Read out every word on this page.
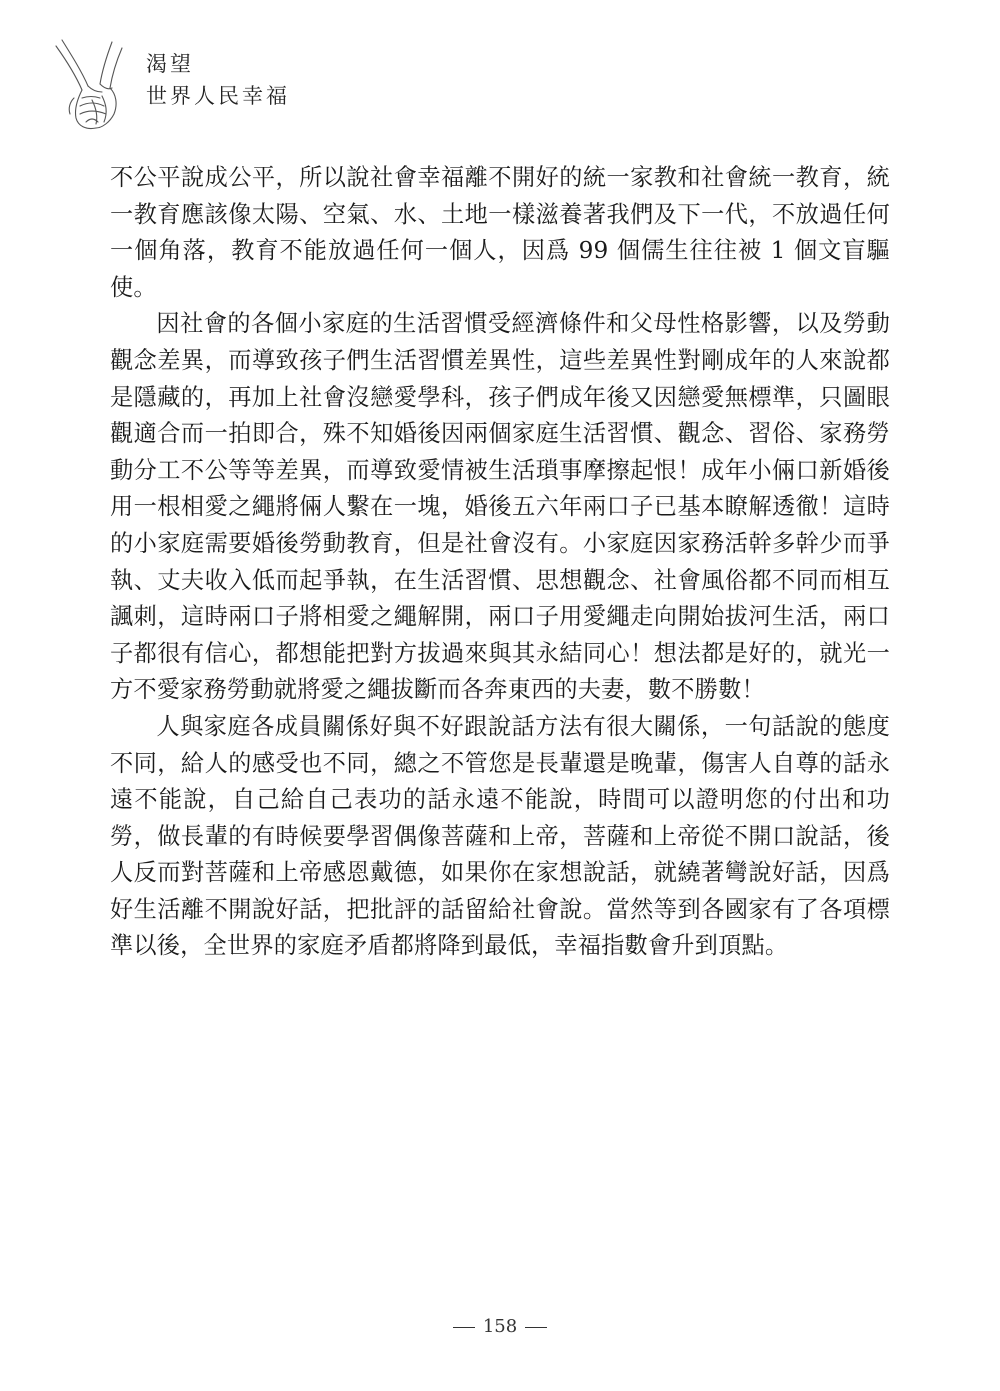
渴望
世界人民幸福

不公平說成公平，所以說社會幸福離不開好的統一家教和社會統一教育，統一教育應該像太陽、空氣、水、土地一樣滋養著我們及下一代，不放過任何一個角落，教育不能放過任何一個人，因爲 99 個儒生往往被 1 個文盲驅使。

因社會的各個小家庭的生活習慣受經濟條件和父母性格影響，以及勞動觀念差異，而導致孩子們生活習慣差異性，這些差異性對剛成年的人來說都是隱藏的，再加上社會沒戀愛學科，孩子們成年後又因戀愛無標準，只圖眼觀適合而一拍即合，殊不知婚後因兩個家庭生活習慣、觀念、習俗、家務勞動分工不公等等差異，而導致愛情被生活瑣事摩擦起恨！成年小倆口新婚後用一根相愛之繩將倆人繫在一塊，婚後五六年兩口子已基本瞭解透徹！這時的小家庭需要婚後勞動教育，但是社會沒有。小家庭因家務活幹多幹少而爭執、丈夫收入低而起爭執，在生活習慣、思想觀念、社會風俗都不同而相互諷刺，這時兩口子將相愛之繩解開，兩口子用愛繩走向開始拔河生活，兩口子都很有信心，都想能把對方拔過來與其永結同心！想法都是好的，就光一方不愛家務勞動就將愛之繩拔斷而各奔東西的夫妻，數不勝數！

人與家庭各成員關係好與不好跟說話方法有很大關係，一句話說的態度不同，給人的感受也不同，總之不管您是長輩還是晚輩，傷害人自尊的話永遠不能說，自己給自己表功的話永遠不能說，時間可以證明您的付出和功勞，做長輩的有時候要學習偶像菩薩和上帝，菩薩和上帝從不開口說話，後人反而對菩薩和上帝感恩戴德，如果你在家想說話，就繞著彎說好話，因爲好生活離不開說好話，把批評的話留給社會說。當然等到各國家有了各項標準以後，全世界的家庭矛盾都將降到最低，幸福指數會升到頂點。

158
